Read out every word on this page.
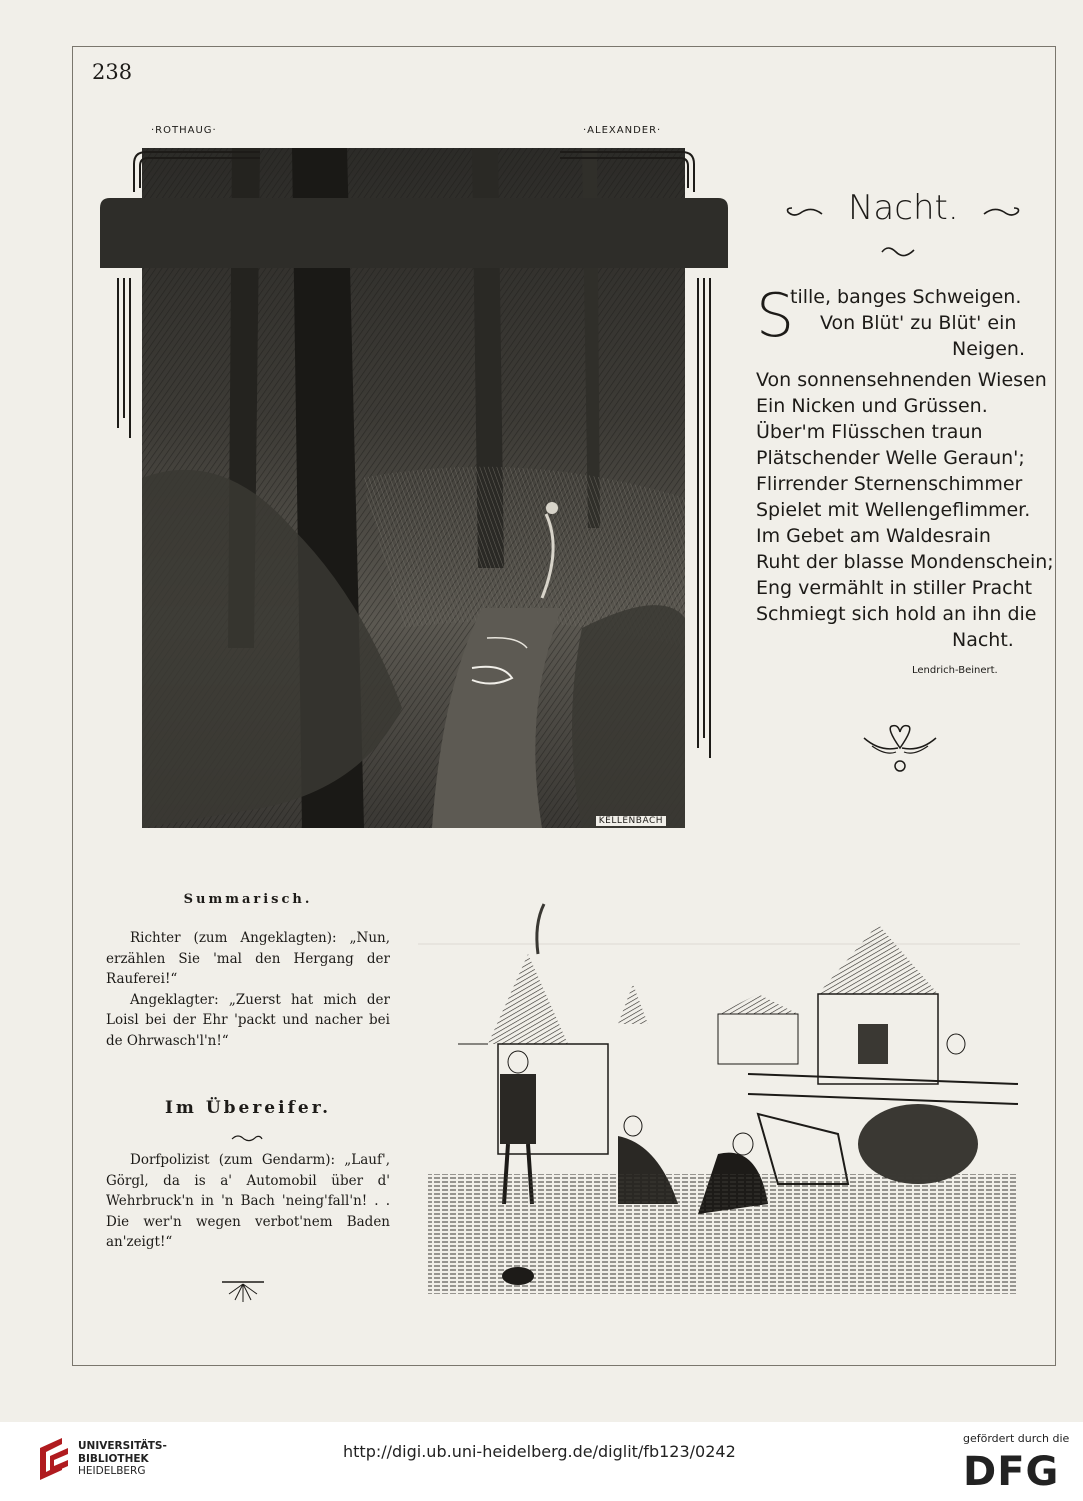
238
·ROTHAUG·	·ALEXANDER·
KELLENBACH
Nacht.
S
tille, banges Schweigen.
Von Blüt' zu Blüt' ein
Neigen.
Von sonnensehnenden Wiesen
Ein Nicken und Grüssen.
Über'm Flüsschen traun
Plätschender Welle Geraun';
Flirrender Sternenschimmer
Spielet mit Wellengeflimmer.
Im Gebet am Waldesrain
Ruht der blasse Mondenschein;
Eng vermählt in stiller Pracht
Schmiegt sich hold an ihn die
Nacht.
Lendrich-Beinert.
Summarisch.

Richter (zum Angeklagten): „Nun, erzählen Sie 'mal den Hergang der Rauferei!“

Angeklagter: „Zuerst hat mich der Loisl bei der Ehr 'packt und nacher bei de Ohrwasch'l'n!“

Im Übereifer.

Dorfpolizist (zum Gendarm): „Lauf', Görgl, da is a' Automobil über d' Wehrbruck'n in 'n Bach 'neing'fall'n! . . Die wer'n wegen verbot'nem Baden an'zeigt!“

UNIVERSITÄTS-
BIBLIOTHEK
HEIDELBERG
http://digi.ub.uni-heidelberg.de/diglit/fb123/0242
gefördert durch die
DFG
